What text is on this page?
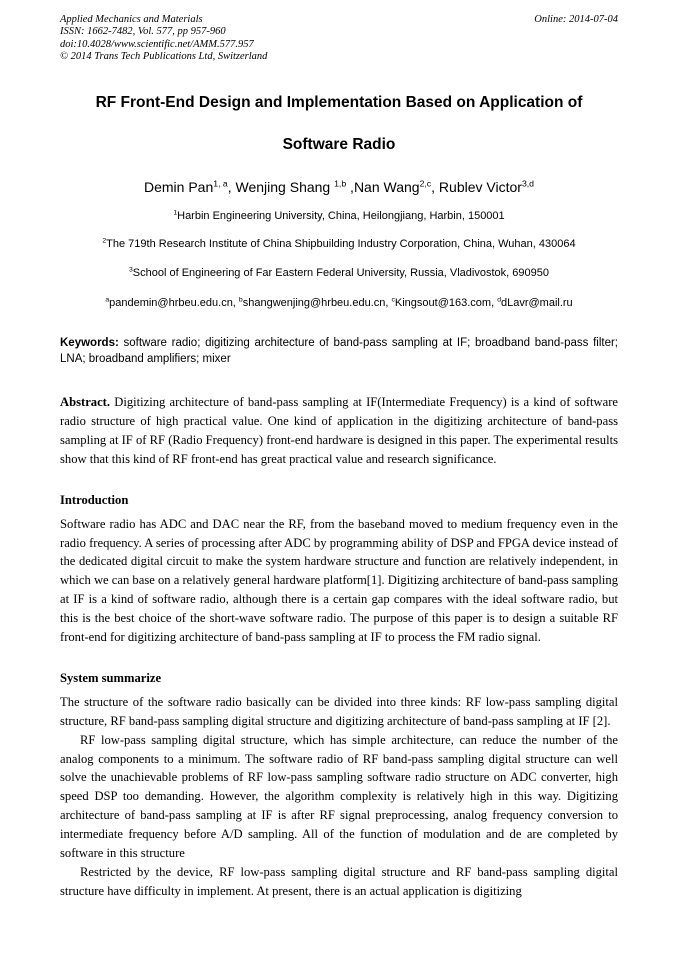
Applied Mechanics and Materials

ISSN: 1662-7482, Vol. 577, pp 957-960

doi:10.4028/www.scientific.net/AMM.577.957

© 2014 Trans Tech Publications Ltd, Switzerland

Online: 2014-07-04
RF Front-End Design and Implementation Based on Application of
Software Radio

Demin Pan$^{1, a}$, Wenjing Shang $^{1,b}$ ,Nan Wang$^{2,c}$, Rublev Victor$^{3,d}$

$^1$Harbin Engineering University, China, Heilongjiang, Harbin, 150001

$^2$The 719th Research Institute of China Shipbuilding Industry Corporation, China, Wuhan, 430064

$^3$School of Engineering of Far Eastern Federal University, Russia, Vladivostok, 690950

$^a$pandemin@hrbeu.edu.cn, $^b$shangwenjing@hrbeu.edu.cn, $^c$Kingsout@163.com, $^d$dLavr@mail.ru

Keywords: software radio; digitizing architecture of band-pass sampling at IF; broadband band-pass filter; LNA; broadband amplifiers; mixer

Abstract. Digitizing architecture of band-pass sampling at IF(Intermediate Frequency) is a kind of software radio structure of high practical value. One kind of application in the digitizing architecture of band-pass sampling at IF of RF (Radio Frequency) front-end hardware is designed in this paper. The experimental results show that this kind of RF front-end has great practical value and research significance.

Introduction

Software radio has ADC and DAC near the RF, from the baseband moved to medium frequency even in the radio frequency. A series of processing after ADC by programming ability of DSP and FPGA device instead of the dedicated digital circuit to make the system hardware structure and function are relatively independent, in which we can base on a relatively general hardware platform[1]. Digitizing architecture of band-pass sampling at IF is a kind of software radio, although there is a certain gap compares with the ideal software radio, but this is the best choice of the short-wave software radio. The purpose of this paper is to design a suitable RF front-end for digitizing architecture of band-pass sampling at IF to process the FM radio signal.

System summarize

The structure of the software radio basically can be divided into three kinds: RF low-pass sampling digital structure, RF band-pass sampling digital structure and digitizing architecture of band-pass sampling at IF [2].

RF low-pass sampling digital structure, which has simple architecture, can reduce the number of the analog components to a minimum. The software radio of RF band-pass sampling digital structure can well solve the unachievable problems of RF low-pass sampling software radio structure on ADC converter, high speed DSP too demanding. However, the algorithm complexity is relatively high in this way. Digitizing architecture of band-pass sampling at IF is after RF signal preprocessing, analog frequency conversion to intermediate frequency before A/D sampling. All of the function of modulation and de are completed by software in this structure

Restricted by the device, RF low-pass sampling digital structure and RF band-pass sampling digital structure have difficulty in implement. At present, there is an actual application is digitizing
